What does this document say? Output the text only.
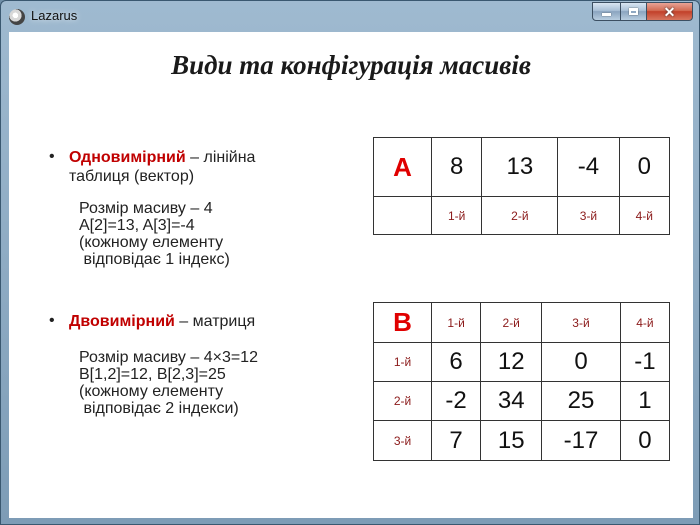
Lazarus	✕
Види та конфігурація масивів
• Одновимірний – лінійна
таблиця (вектор)
Розмір масиву – 4
A[2]=13, A[3]=-4
(кожному елементу
відповідає 1 індекс)
• Двовимірний – матриця
Розмір масиву – 4×3=12
B[1,2]=12, B[2,3]=25
(кожному елементу
відповідає 2 індекси)
A	8	13	-4	0
	1-й	2-й	3-й	4-й
B	1-й	2-й	3-й	4-й
1-й	6	12	0	-1
2-й	-2	34	25	1
3-й	7	15	-17	0
